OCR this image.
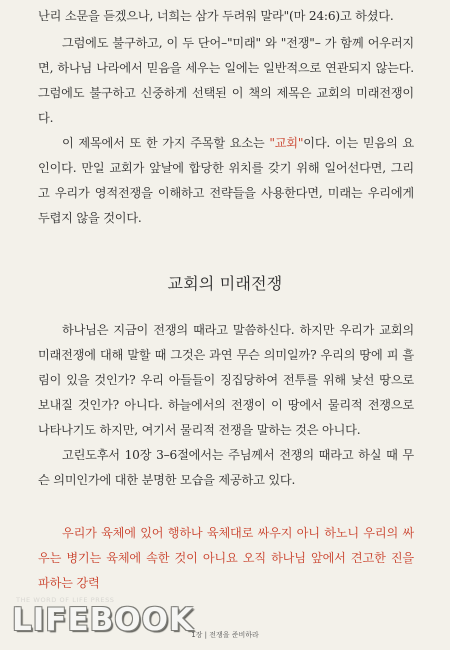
난리 소문을 듣겠으나, 너희는 삼가 두려워 말라"(마 24:6)고 하셨다.

그럼에도 불구하고, 이 두 단어–"미래" 와 "전쟁"– 가 함께 어우러지면, 하나님 나라에서 믿음을 세우는 일에는 일반적으로 연관되지 않는다. 그럼에도 불구하고 신중하게 선택된 이 책의 제목은 교회의 미래전쟁이다.

이 제목에서 또 한 가지 주목할 요소는 "교회"이다. 이는 믿음의 요인이다. 만일 교회가 앞날에 합당한 위치를 갖기 위해 일어선다면, 그리고 우리가 영적전쟁을 이해하고 전략들을 사용한다면, 미래는 우리에게 두렵지 않을 것이다.

교회의 미래전쟁

하나님은 지금이 전쟁의 때라고 말씀하신다. 하지만 우리가 교회의 미래전쟁에 대해 말할 때 그것은 과연 무슨 의미일까? 우리의 땅에 피 흘림이 있을 것인가? 우리 아들들이 징집당하여 전투를 위해 낯선 땅으로 보내질 것인가? 아니다. 하늘에서의 전쟁이 이 땅에서 물리적 전쟁으로 나타나기도 하지만, 여기서 물리적 전쟁을 말하는 것은 아니다.

고린도후서 10장 3–6절에서는 주님께서 전쟁의 때라고 하실 때 무슨 의미인가에 대한 분명한 모습을 제공하고 있다.

우리가 육체에 있어 행하나 육체대로 싸우지 아니 하노니 우리의 싸우는 병기는 육체에 속한 것이 아니요 오직 하나님 앞에서 견고한 진을 파하는 강력

THE WORD OF LIFE PRESS
LIFEBOOK
1장 | 전쟁을 준비하라
